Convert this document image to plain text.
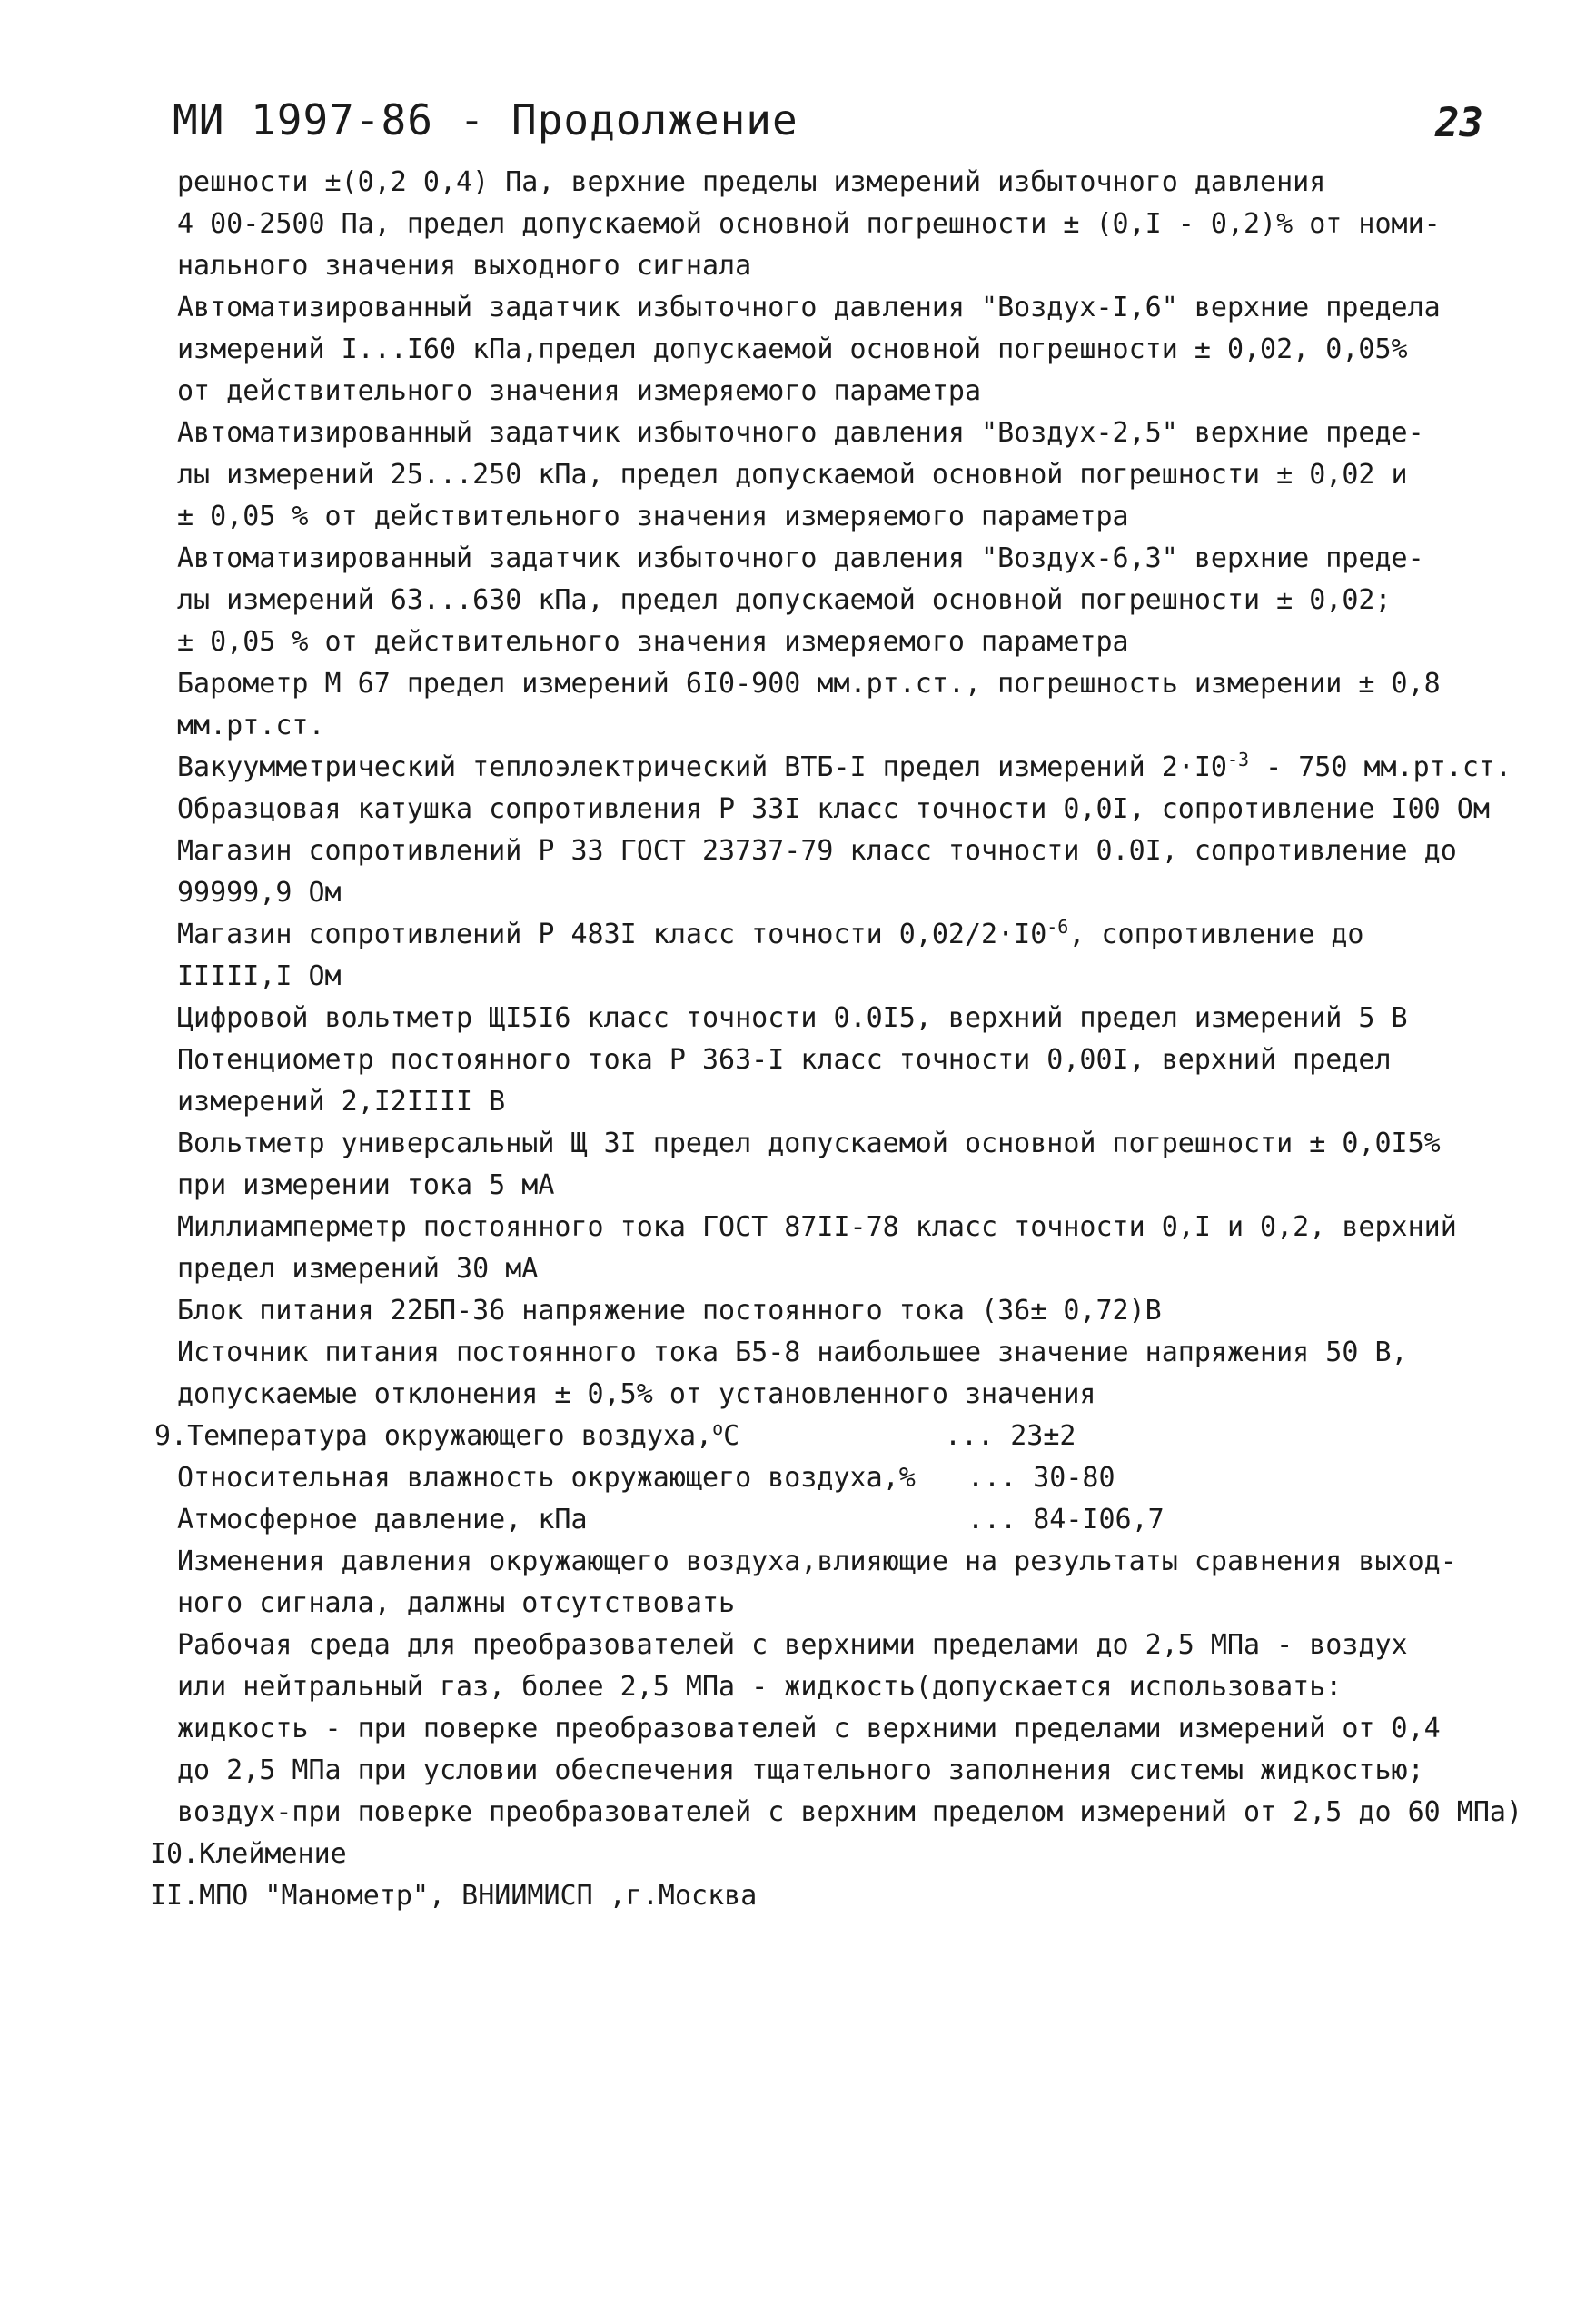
МИ 1997-86 - Продолжение	23
решности ±(0,2 0,4) Па, верхние пределы измерений избыточного давления
4 00-2500 Па, предел допускаемой основной погрешности ± (0,I - 0,2)% от номи-
нального значения выходного сигнала
Автоматизированный задатчик избыточного давления "Воздух-I,6" верхние предела
измерений I...I60 кПа,предел допускаемой основной погрешности ± 0,02, 0,05%
от действительного значения измеряемого параметра
Автоматизированный задатчик избыточного давления "Воздух-2,5" верхние преде-
лы измерений 25...250 кПа, предел допускаемой основной погрешности ± 0,02 и
± 0,05 % от действительного значения измеряемого параметра
Автоматизированный задатчик избыточного давления "Воздух-6,3" верхние преде-
лы измерений 63...630 кПа, предел допускаемой основной погрешности ± 0,02;
± 0,05 % от действительного значения измеряемого параметра
Барометр М 67 предел измерений 6I0-900 мм.рт.ст., погрешность измерении ± 0,8
мм.рт.ст.
Вакуумметрический теплоэлектрический ВТБ-I предел измерений $2\cdot I0^{-3} - 750$ мм.рт.ст.
Образцовая катушка сопротивления Р 33I класс точности 0,0I, сопротивление I00 Ом
Магазин сопротивлений Р 33 ГОСТ 23737-79 класс точности 0.0I, сопротивление до
99999,9 Ом
Магазин сопротивлений Р 483I класс точности $0,02/2\cdot I0^{-6}$, сопротивление до
IIIII,I Ом
Цифровой вольтметр ЩI5I6 класс точности 0.0I5, верхний предел измерений 5 В
Потенциометр постоянного тока Р 363-I класс точности 0,00I, верхний предел
измерений 2,I2IIII В
Вольтметр универсальный Щ 3I предел допускаемой основной погрешности ± 0,0I5%
при измерении тока 5 мА
Миллиамперметр постоянного тока ГОСТ 87II-78 класс точности 0,I и 0,2, верхний
предел измерений 30 мА
Блок питания 22БП-36 напряжение постоянного тока (36± 0,72)В
Источник питания постоянного тока Б5-8 наибольшее значение напряжения 50 В,
допускаемые отклонения ± 0,5% от установленного значения
9.Температура окружающего воздуха,$^o$С	... 23±2
Относительная влажность окружающего воздуха,%	... 30-80
Атмосферное давление, кПа	... 84-I06,7
Изменения давления окружающего воздуха,влияющие на результаты сравнения выход-
ного сигнала, далжны отсутствовать
Рабочая среда для преобразователей с верхними пределами до 2,5 МПа - воздух
или нейтральный газ, более 2,5 МПа - жидкость(допускается использовать:
жидкость - при поверке преобразователей с верхними пределами измерений от 0,4
до 2,5 МПа при условии обеспечения тщательного заполнения системы жидкостью;
воздух-при поверке преобразователей с верхним пределом измерений от 2,5 до 60 МПа)
I0.Клеймение
II.МПО "Манометр", ВНИИМИСП ,г.Москва
